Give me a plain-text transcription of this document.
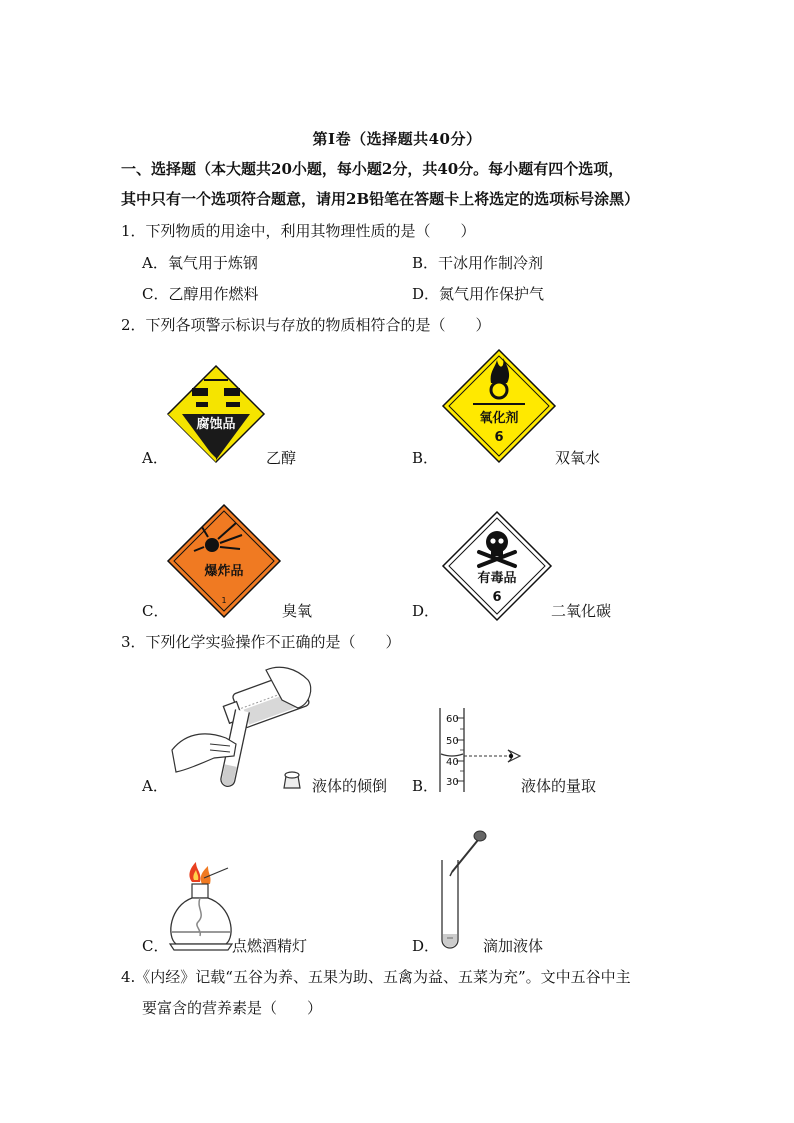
第Ⅰ卷（选择题共40分）
一、选择题（本大题共20小题，每小题2分，共40分。每小题有四个选项，
其中只有一个选项符合题意，请用2B铅笔在答题卡上将选定的选项标号涂黑）
1．下列物质的用途中，利用其物理性质的是（　　）
A．氧气用于炼钢	B．干冰用作制冷剂
C．乙醇用作燃料	D．氮气用作保护气
2．下列各项警示标识与存放的物质相符合的是（　　）
腐蚀品
A．	乙醇
氧化剂
6
B．	双氧水
爆炸品
1
C．	臭氧
有毒品
6
D．	二氧化碳
3．下列化学实验操作不正确的是（　　）
A．	液体的倾倒
60
50
40
30
B．	液体的量取
C．	点燃酒精灯	D．	滴加液体
4.《内经》记载“五谷为养、五果为助、五禽为益、五菜为充”。文中五谷中主
要富含的营养素是（　　）
